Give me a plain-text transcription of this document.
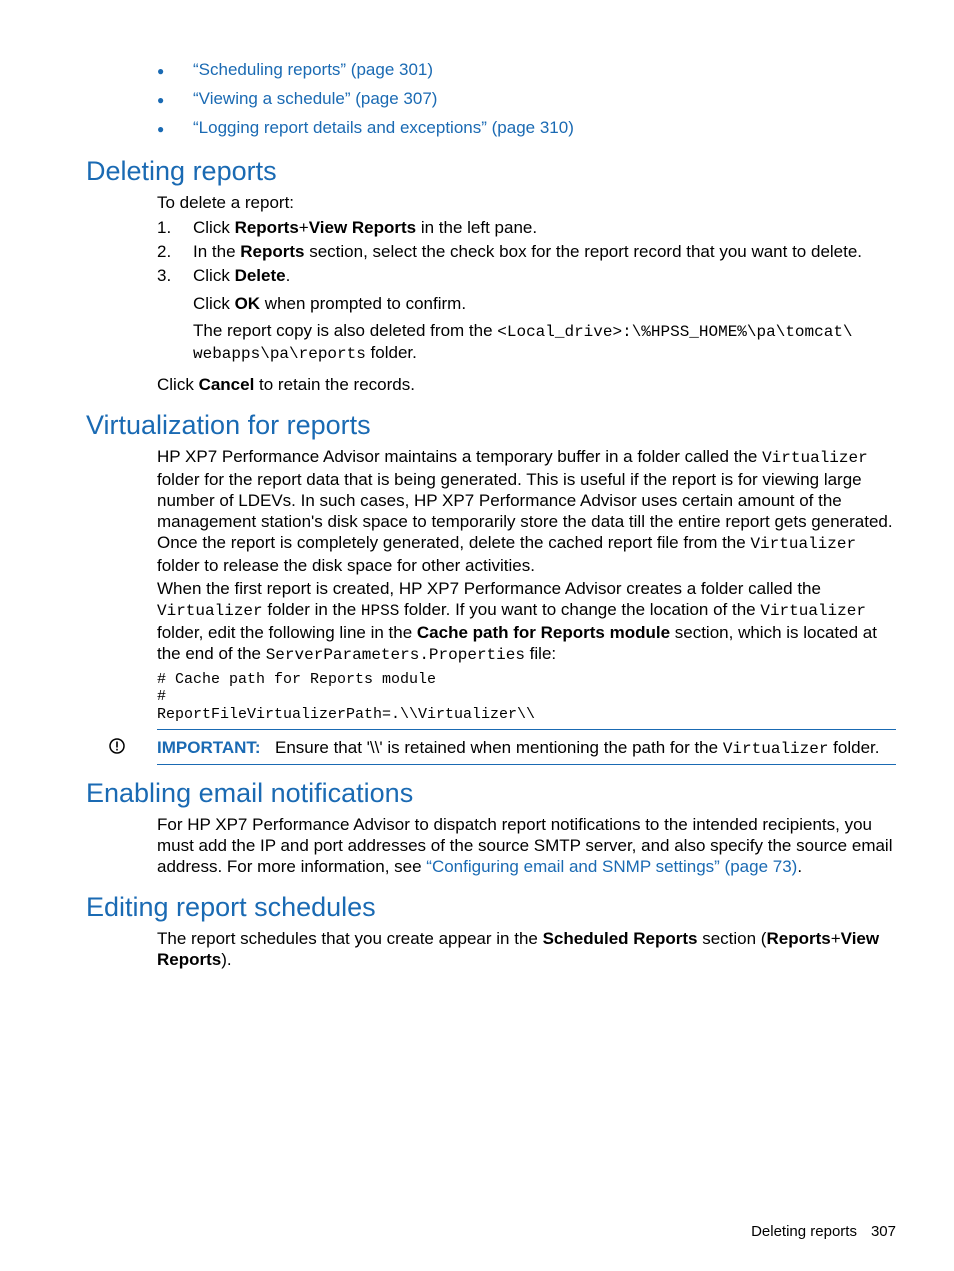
● “Scheduling reports” (page 301)
● “Viewing a schedule” (page 307)
● “Logging report details and exceptions” (page 310)
Deleting reports
To delete a report:
1. Click Reports+View Reports in the left pane.
2. In the Reports section, select the check box for the report record that you want to delete.
3. Click Delete.
Click OK when prompted to confirm.
The report copy is also deleted from the <Local_drive>:\%HPSS_HOME%\pa\tomcat\
webapps\pa\reports folder.
Click Cancel to retain the records.
Virtualization for reports
HP XP7 Performance Advisor maintains a temporary buffer in a folder called the Virtualizer folder for the report data that is being generated. This is useful if the report is for viewing large number of LDEVs. In such cases, HP XP7 Performance Advisor uses certain amount of the management station's disk space to temporarily store the data till the entire report gets generated. Once the report is completely generated, delete the cached report file from the Virtualizer folder to release the disk space for other activities.
When the first report is created, HP XP7 Performance Advisor creates a folder called the Virtualizer folder in the HPSS folder. If you want to change the location of the Virtualizer folder, edit the following line in the Cache path for Reports module section, which is located at the end of the ServerParameters.Properties file:
# Cache path for Reports module
#
ReportFileVirtualizerPath=.\\Virtualizer\\
IMPORTANT: Ensure that '\\' is retained when mentioning the path for the Virtualizer folder.
Enabling email notifications
For HP XP7 Performance Advisor to dispatch report notifications to the intended recipients, you must add the IP and port addresses of the source SMTP server, and also specify the source email address. For more information, see “Configuring email and SNMP settings” (page 73).
Editing report schedules
The report schedules that you create appear in the Scheduled Reports section (Reports+View Reports).
Deleting reports 307
